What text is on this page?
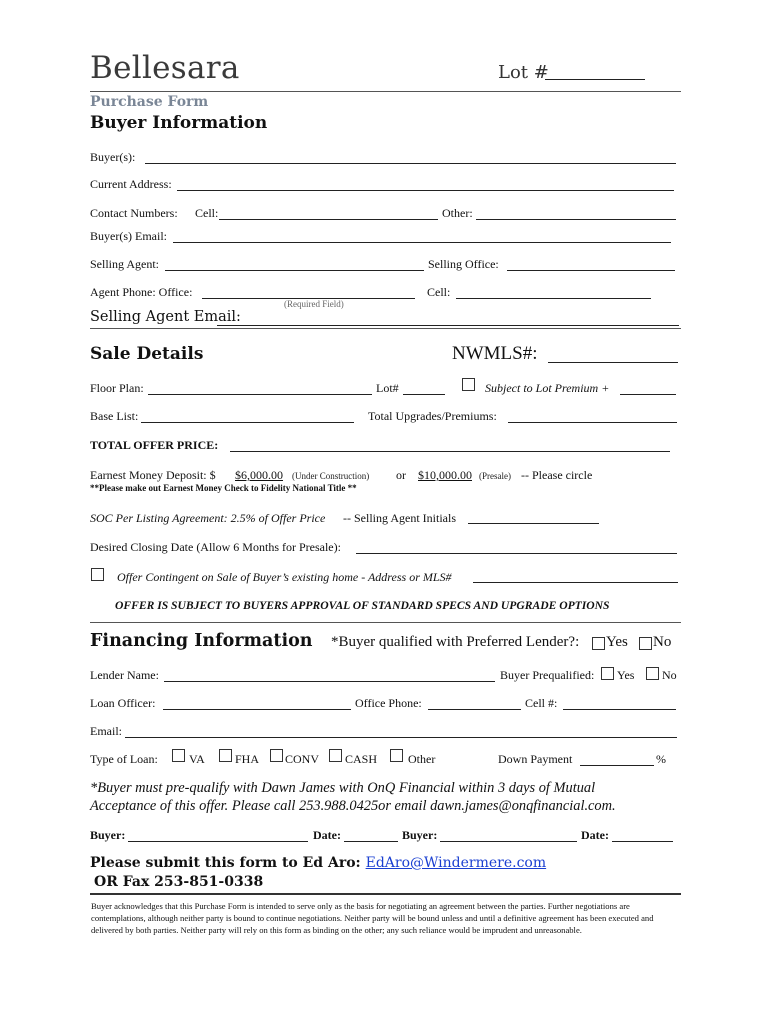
Bellesara	Lot #
Purchase Form
Buyer Information
Buyer(s):
Current Address:
Contact Numbers: Cell:	Other:
Buyer(s) Email:
Selling Agent:	Selling Office:
Agent Phone: Office:	Cell:
(Required Field)
Selling Agent Email:
Sale Details	NWMLS#:
Floor Plan:	Lot#	Subject to Lot Premium +
Base List:	Total Upgrades/Premiums:
TOTAL OFFER PRICE:
Earnest Money Deposit: $ $6,000.00 (Under Construction) or $10,000.00 (Presale) -- Please circle
**Please make out Earnest Money Check to Fidelity National Title **
SOC Per Listing Agreement: 2.5% of Offer Price -- Selling Agent Initials
Desired Closing Date (Allow 6 Months for Presale):
Offer Contingent on Sale of Buyer’s existing home - Address or MLS#
OFFER IS SUBJECT TO BUYERS APPROVAL OF STANDARD SPECS AND UPGRADE OPTIONS
Financing Information *Buyer qualified with Preferred Lender?: Yes No
Lender Name:	Buyer Prequalified: Yes No
Loan Officer:	Office Phone:	Cell #:
Email:
Type of Loan:	VA	FHA CONV CASH	Other	Down Payment	%
*Buyer must pre-qualify with Dawn James with OnQ Financial within 3 days of Mutual
Acceptance of this offer. Please call 253.988.0425or email dawn.james@onqfinancial.com.
Buyer:	Date:	Buyer:	Date:
Please submit this form to Ed Aro: EdAro@Windermere.com
OR Fax 253-851-0338
Buyer acknowledges that this Purchase Form is intended to serve only as the basis for negotiating an agreement between the parties. Further negotiations are contemplations, although neither party is bound to continue negotiations. Neither party will be bound unless and until a definitive agreement has been executed and delivered by both parties. Neither party will rely on this form as binding on the other; any such reliance would be imprudent and unreasonable.
